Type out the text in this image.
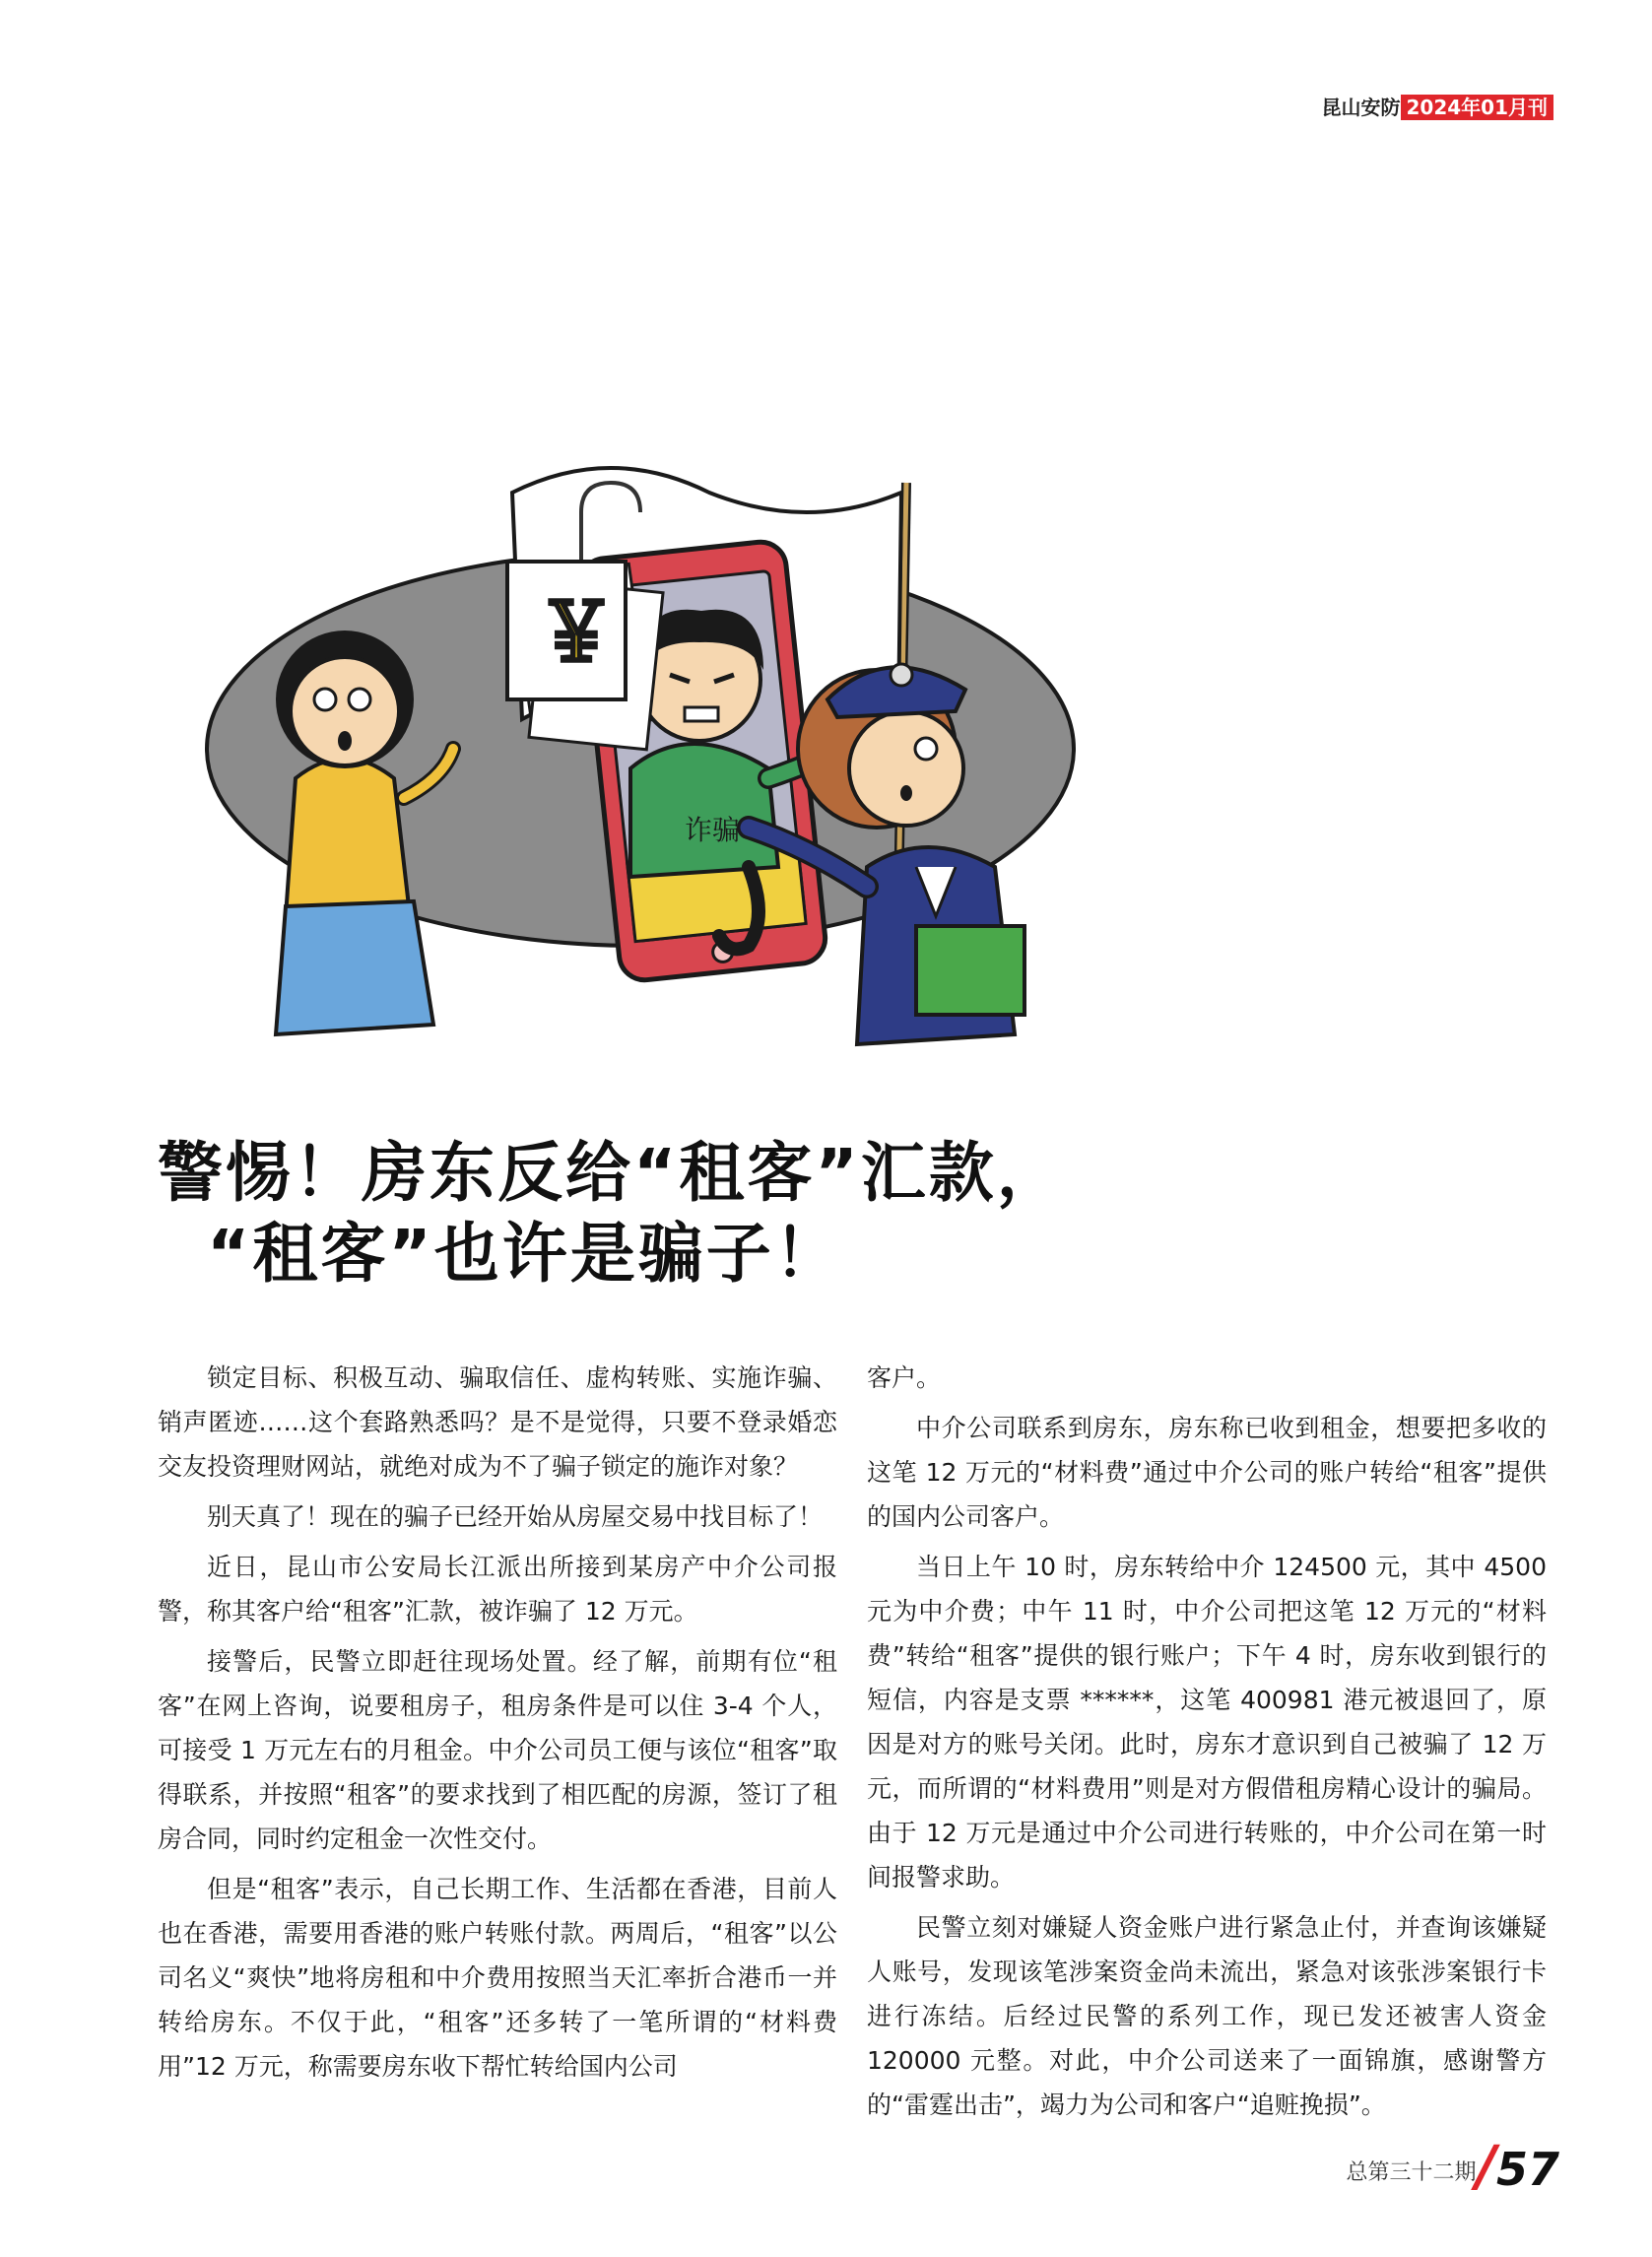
昆山安防 2024年01月刊
诈骗
￥
警惕！房东反给“租客”汇款，
“租客”也许是骗子！

锁定目标、积极互动、骗取信任、虚构转账、实施诈骗、销声匿迹……这个套路熟悉吗？是不是觉得，只要不登录婚恋交友投资理财网站，就绝对成为不了骗子锁定的施诈对象？

别天真了！现在的骗子已经开始从房屋交易中找目标了！

近日，昆山市公安局长江派出所接到某房产中介公司报警，称其客户给“租客”汇款，被诈骗了 12 万元。

接警后，民警立即赶往现场处置。经了解，前期有位“租客”在网上咨询，说要租房子，租房条件是可以住 3-4 个人，可接受 1 万元左右的月租金。中介公司员工便与该位“租客”取得联系，并按照“租客”的要求找到了相匹配的房源，签订了租房合同，同时约定租金一次性交付。

但是“租客”表示，自己长期工作、生活都在香港，目前人也在香港，需要用香港的账户转账付款。两周后，“租客”以公司名义“爽快”地将房租和中介费用按照当天汇率折合港币一并转给房东。不仅于此，“租客”还多转了一笔所谓的“材料费用”12 万元，称需要房东收下帮忙转给国内公司

客户。

中介公司联系到房东，房东称已收到租金，想要把多收的这笔 12 万元的“材料费”通过中介公司的账户转给“租客”提供的国内公司客户。

当日上午 10 时，房东转给中介 124500 元，其中 4500 元为中介费；中午 11 时，中介公司把这笔 12 万元的“材料费”转给“租客”提供的银行账户；下午 4 时，房东收到银行的短信，内容是支票 ******，这笔 400981 港元被退回了，原因是对方的账号关闭。此时，房东才意识到自己被骗了 12 万元，而所谓的“材料费用”则是对方假借租房精心设计的骗局。由于 12 万元是通过中介公司进行转账的，中介公司在第一时间报警求助。

民警立刻对嫌疑人资金账户进行紧急止付，并查询该嫌疑人账号，发现该笔涉案资金尚未流出，紧急对该张涉案银行卡进行冻结。后经过民警的系列工作，现已发还被害人资金 120000 元整。对此，中介公司送来了一面锦旗，感谢警方的“雷霆出击”，竭力为公司和客户“追赃挽损”。

总第三十二期/57
